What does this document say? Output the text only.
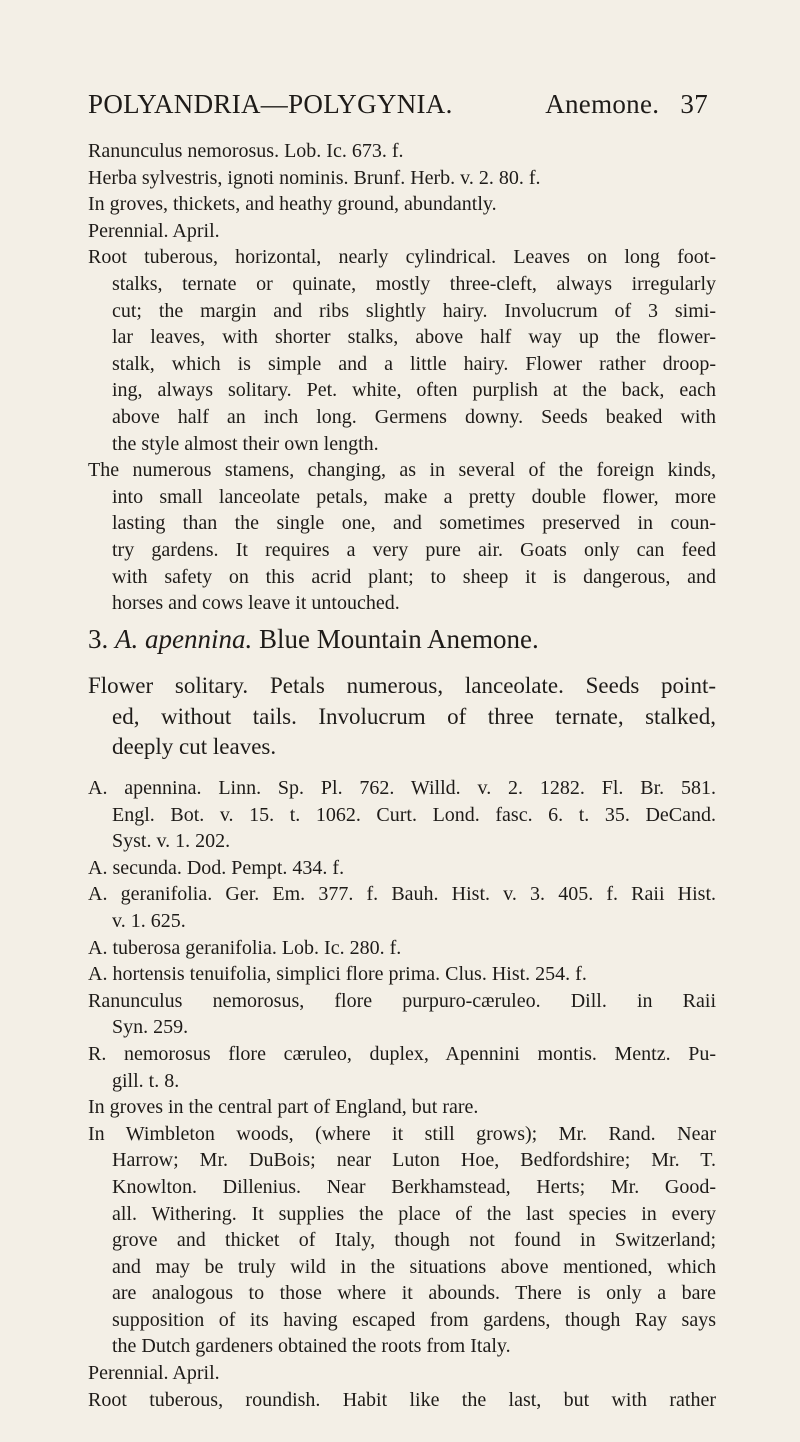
POLYANDRIA—POLYGYNIA.	Anemone. 37
Ranunculus nemorosus. Lob. Ic. 673. f.
Herba sylvestris, ignoti nominis. Brunf. Herb. v. 2. 80. f.
In groves, thickets, and heathy ground, abundantly.
Perennial. April.
Root tuberous, horizontal, nearly cylindrical. Leaves on long foot-
stalks, ternate or quinate, mostly three-cleft, always irregularly
cut; the margin and ribs slightly hairy. Involucrum of 3 simi-
lar leaves, with shorter stalks, above half way up the flower-
stalk, which is simple and a little hairy. Flower rather droop-
ing, always solitary. Pet. white, often purplish at the back, each
above half an inch long. Germens downy. Seeds beaked with
the style almost their own length.
The numerous stamens, changing, as in several of the foreign kinds,
into small lanceolate petals, make a pretty double flower, more
lasting than the single one, and sometimes preserved in coun-
try gardens. It requires a very pure air. Goats only can feed
with safety on this acrid plant; to sheep it is dangerous, and
horses and cows leave it untouched.
3. A. apennina. Blue Mountain Anemone.
Flower solitary. Petals numerous, lanceolate. Seeds point-
ed, without tails. Involucrum of three ternate, stalked,
deeply cut leaves.
A. apennina. Linn. Sp. Pl. 762. Willd. v. 2. 1282. Fl. Br. 581.
Engl. Bot. v. 15. t. 1062. Curt. Lond. fasc. 6. t. 35. DeCand.
Syst. v. 1. 202.
A. secunda. Dod. Pempt. 434. f.
A. geranifolia. Ger. Em. 377. f. Bauh. Hist. v. 3. 405. f. Raii Hist.
v. 1. 625.
A. tuberosa geranifolia. Lob. Ic. 280. f.
A. hortensis tenuifolia, simplici flore prima. Clus. Hist. 254. f.
Ranunculus nemorosus, flore purpuro-cæruleo. Dill. in Raii
Syn. 259.
R. nemorosus flore cæruleo, duplex, Apennini montis. Mentz. Pu-
gill. t. 8.
In groves in the central part of England, but rare.
In Wimbleton woods, (where it still grows); Mr. Rand. Near
Harrow; Mr. DuBois; near Luton Hoe, Bedfordshire; Mr. T.
Knowlton. Dillenius. Near Berkhamstead, Herts; Mr. Good-
all. Withering. It supplies the place of the last species in every
grove and thicket of Italy, though not found in Switzerland;
and may be truly wild in the situations above mentioned, which
are analogous to those where it abounds. There is only a bare
supposition of its having escaped from gardens, though Ray says
the Dutch gardeners obtained the roots from Italy.
Perennial. April.
Root tuberous, roundish. Habit like the last, but with rather
